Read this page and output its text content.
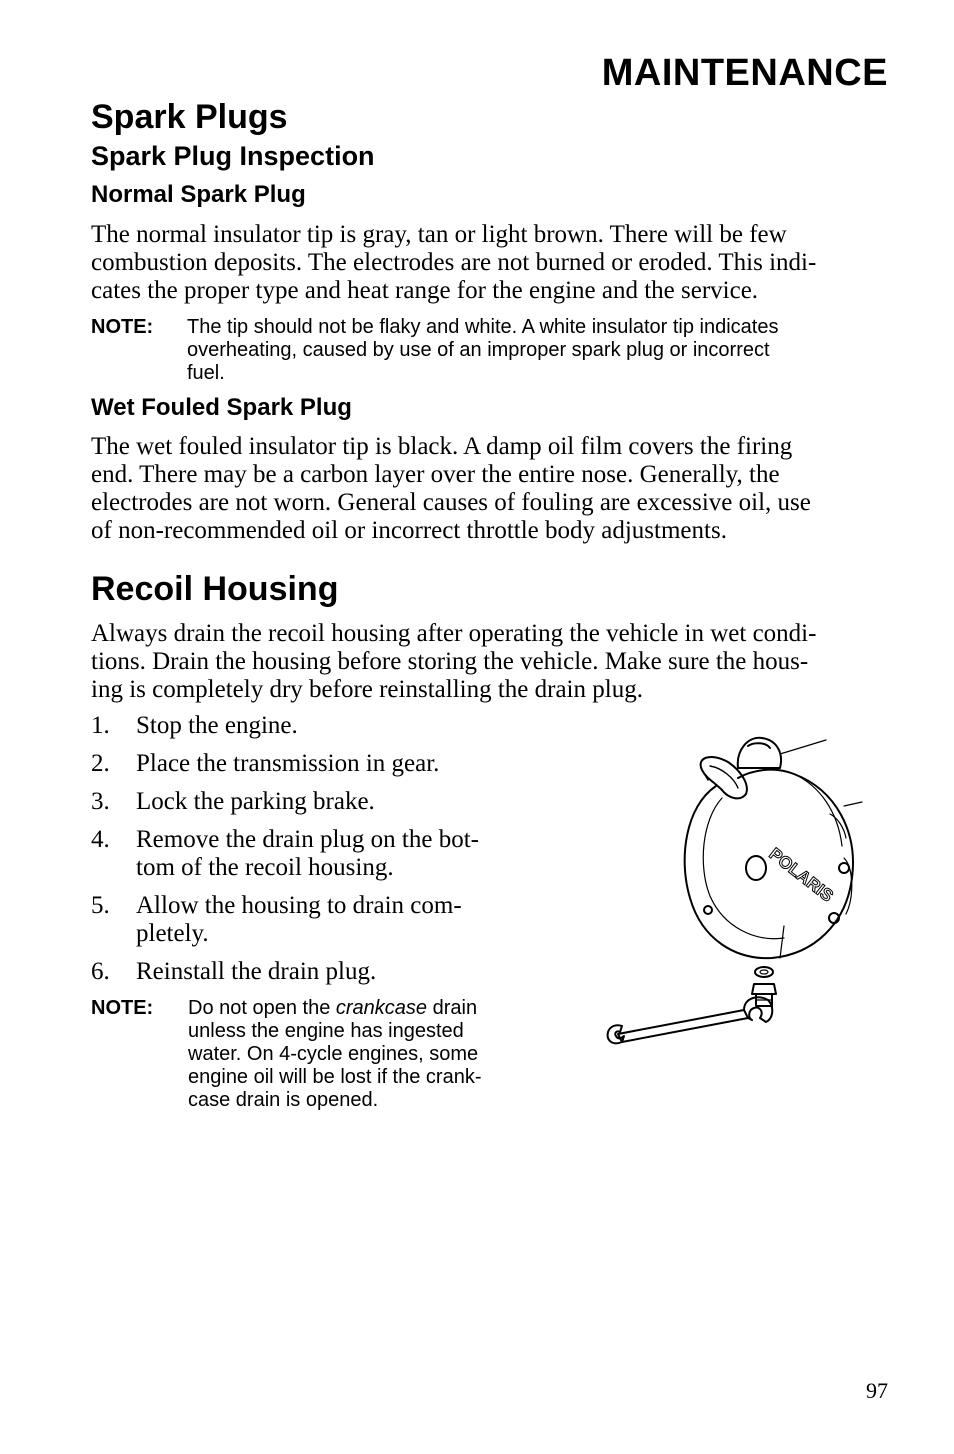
MAINTENANCE
Spark Plugs
Spark Plug Inspection
Normal Spark Plug
The normal insulator tip is gray, tan or light brown. There will be few
combustion deposits. The electrodes are not burned or eroded. This indi-
cates the proper type and heat range for the engine and the service.
NOTE: The tip should not be flaky and white. A white insulator tip indicates
overheating, caused by use of an improper spark plug or incorrect
fuel.
Wet Fouled Spark Plug
The wet fouled insulator tip is black. A damp oil film covers the firing
end. There may be a carbon layer over the entire nose. Generally, the
electrodes are not worn. General causes of fouling are excessive oil, use
of non-recommended oil or incorrect throttle body adjustments.
Recoil Housing
Always drain the recoil housing after operating the vehicle in wet condi-
tions. Drain the housing before storing the vehicle. Make sure the hous-
ing is completely dry before reinstalling the drain plug.
1. Stop the engine.
2. Place the transmission in gear.
3. Lock the parking brake.
4. Remove the drain plug on the bot-
tom of the recoil housing.
5. Allow the housing to drain com-
pletely.
6. Reinstall the drain plug.
NOTE: Do not open the crankcase drain
unless the engine has ingested
water. On 4-cycle engines, some
engine oil will be lost if the crank-
case drain is opened.
POLARIS
97
